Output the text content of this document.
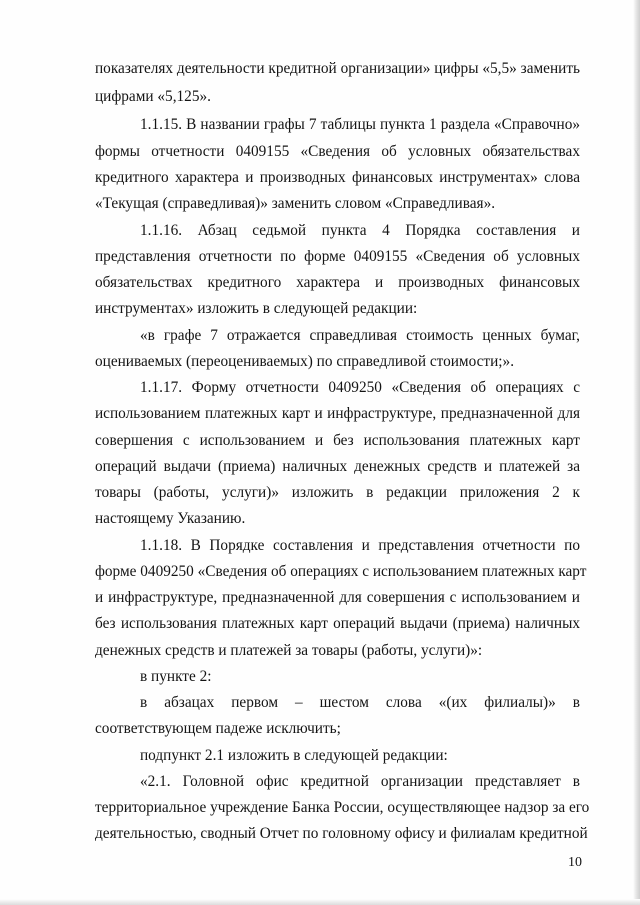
показателях деятельности кредитной организации» цифры «5,5» заменить
цифрами «5,125».
1.1.15. В названии графы 7 таблицы пункта 1 раздела «Справочно»
формы отчетности 0409155 «Сведения об условных обязательствах
кредитного характера и производных финансовых инструментах» слова
«Текущая (справедливая)» заменить словом «Справедливая».
1.1.16. Абзац седьмой пункта 4 Порядка составления и
представления отчетности по форме 0409155 «Сведения об условных
обязательствах кредитного характера и производных финансовых
инструментах» изложить в следующей редакции:
«в графе 7 отражается справедливая стоимость ценных бумаг,
оцениваемых (переоцениваемых) по справедливой стоимости;».
1.1.17. Форму отчетности 0409250 «Сведения об операциях с
использованием платежных карт и инфраструктуре, предназначенной для
совершения с использованием и без использования платежных карт
операций выдачи (приема) наличных денежных средств и платежей за
товары (работы, услуги)» изложить в редакции приложения 2 к
настоящему Указанию.
1.1.18. В Порядке составления и представления отчетности по
форме 0409250 «Сведения об операциях с использованием платежных карт
и инфраструктуре, предназначенной для совершения с использованием и
без использования платежных карт операций выдачи (приема) наличных
денежных средств и платежей за товары (работы, услуги)»:
в пункте 2:
в абзацах первом – шестом слова «(их филиалы)» в
соответствующем падеже исключить;
подпункт 2.1 изложить в следующей редакции:
«2.1. Головной офис кредитной организации представляет в
территориальное учреждение Банка России, осуществляющее надзор за его
деятельностью, сводный Отчет по головному офису и филиалам кредитной
10
